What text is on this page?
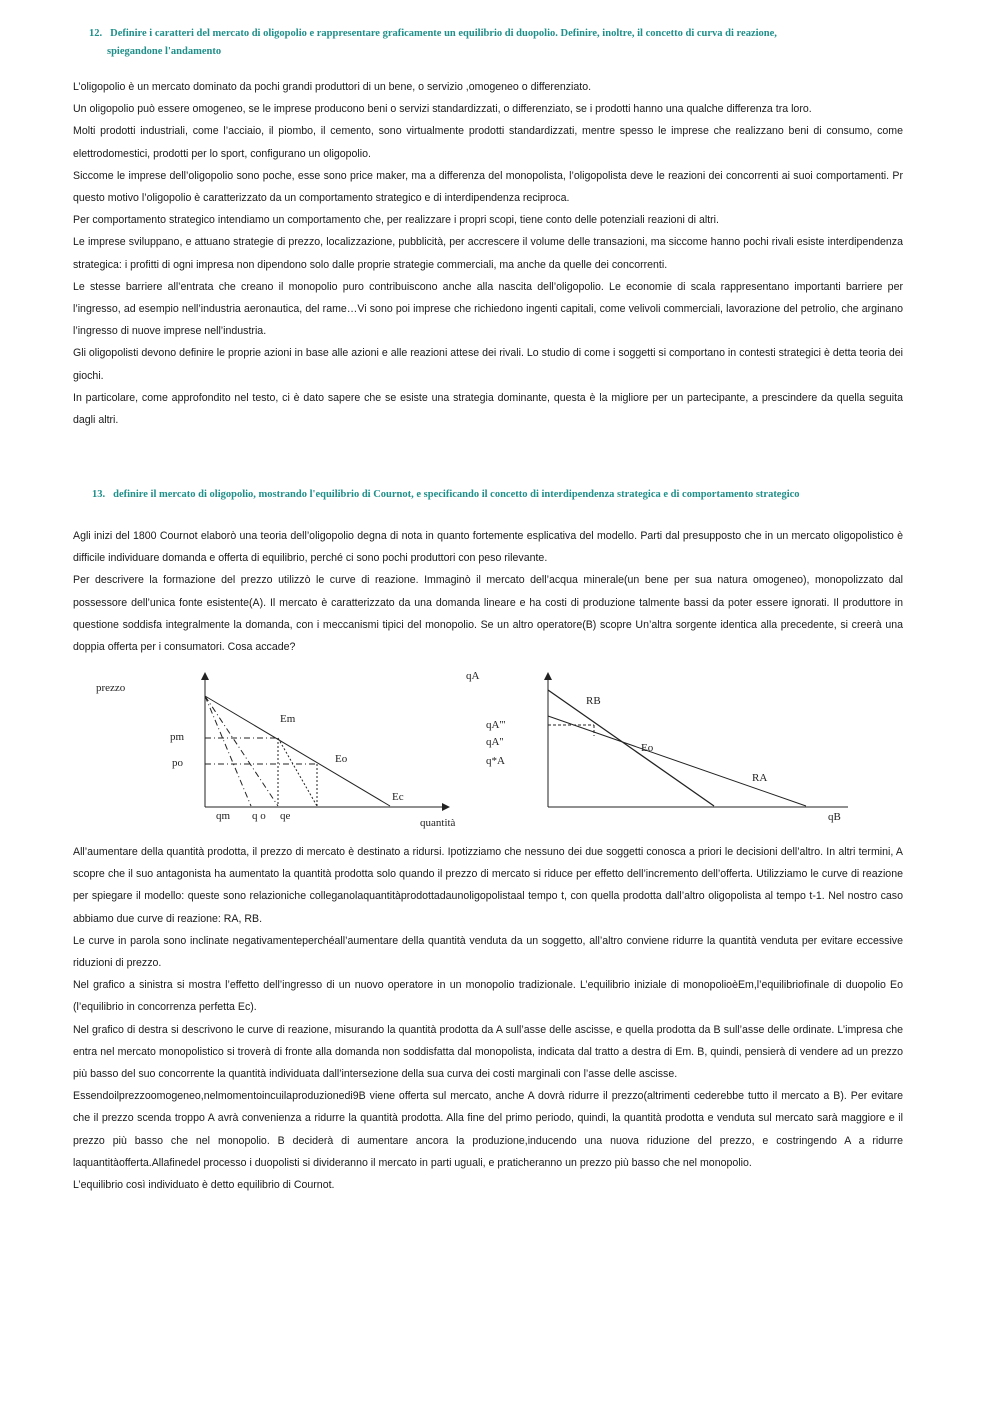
12. Definire i caratteri del mercato di oligopolio e rappresentare graficamente un equilibrio di duopolio. Definire, inoltre, il concetto di curva di reazione,
spiegandone l'andamento

L’oligopolio è un mercato dominato da pochi grandi produttori di un bene, o servizio ,omogeneo o differenziato.

Un oligopolio può essere omogeneo, se le imprese producono beni o servizi standardizzati, o differenziato, se i prodotti hanno una qualche differenza tra loro.

Molti prodotti industriali, come l’acciaio, il piombo, il cemento, sono virtualmente prodotti standardizzati, mentre spesso le imprese che realizzano beni di consumo, come elettrodomestici, prodotti per lo sport, configurano un oligopolio.

Siccome le imprese dell’oligopolio sono poche, esse sono price maker, ma a differenza del monopolista, l’oligopolista deve le reazioni dei concorrenti ai suoi comportamenti. Pr questo motivo l’oligopolio è caratterizzato da un comportamento strategico e di interdipendenza reciproca.

Per comportamento strategico intendiamo un comportamento che, per realizzare i propri scopi, tiene conto delle potenziali reazioni di altri.

Le imprese sviluppano, e attuano strategie di prezzo, localizzazione, pubblicità, per accrescere il volume delle transazioni, ma siccome hanno pochi rivali esiste interdipendenza strategica: i profitti di ogni impresa non dipendono solo dalle proprie strategie commerciali, ma anche da quelle dei concorrenti.

Le stesse barriere all’entrata che creano il monopolio puro contribuiscono anche alla nascita dell’oligopolio. Le economie di scala rappresentano importanti barriere per l’ingresso, ad esempio nell’industria aeronautica, del rame…Vi sono poi imprese che richiedono ingenti capitali, come velivoli commerciali, lavorazione del petrolio, che arginano l’ingresso di nuove imprese nell’industria.

Gli oligopolisti devono definire le proprie azioni in base alle azioni e alle reazioni attese dei rivali. Lo studio di come i soggetti si comportano in contesti strategici è detta teoria dei giochi.

In particolare, come approfondito nel testo, ci è dato sapere che se esiste una strategia dominante, questa è la migliore per un partecipante, a prescindere da quella seguita dagli altri.

13. definire il mercato di oligopolio, mostrando l'equilibrio di Cournot, e specificando il concetto di interdipendenza strategica e di comportamento strategico

Agli inizi del 1800 Cournot elaborò una teoria dell’oligopolio degna di nota in quanto fortemente esplicativa del modello. Parti dal presupposto che in un mercato oligopolistico è difficile individuare domanda e offerta di equilibrio, perché ci sono pochi produttori con peso rilevante.

Per descrivere la formazione del prezzo utilizzò le curve di reazione. Immaginò il mercato dell’acqua minerale(un bene per sua natura omogeneo), monopolizzato dal possessore dell’unica fonte esistente(A). Il mercato è caratterizzato da una domanda lineare e ha costi di produzione talmente bassi da poter essere ignorati. Il produttore in questione soddisfa integralmente la domanda, con i meccanismi tipici del monopolio. Se un altro operatore(B) scopre Un’altra sorgente identica alla precedente, si creerà una doppia offerta per i consumatori. Cosa accade?

prezzo
quantità
pm
po
Em
Eo
Ec
qm q o qe
qA
qB
RB
RA
Eo
qA'''
qA''
q*A

All’aumentare della quantità prodotta, il prezzo di mercato è destinato a ridursi. Ipotizziamo che nessuno dei due soggetti conosca a priori le decisioni dell’altro. In altri termini, A scopre che il suo antagonista ha aumentato la quantità prodotta solo quando il prezzo di mercato si riduce per effetto dell’incremento dell’offerta. Utilizziamo le curve di reazione per spiegare il modello: queste sono relazioniche colleganolaquantitàprodottadaunoligopolistaal tempo t, con quella prodotta dall’altro oligopolista al tempo t-1. Nel nostro caso abbiamo due curve di reazione: RA, RB.

Le curve in parola sono inclinate negativamenteperchéall’aumentare della quantità venduta da un soggetto, all’altro conviene ridurre la quantità venduta per evitare eccessive riduzioni di prezzo.

Nel grafico a sinistra si mostra l’effetto dell’ingresso di un nuovo operatore in un monopolio tradizionale. L’equilibrio iniziale di monopolioèEm,l’equilibriofinale di duopolio Eo (l’equilibrio in concorrenza perfetta Ec).

Nel grafico di destra si descrivono le curve di reazione, misurando la quantità prodotta da A sull’asse delle ascisse, e quella prodotta da B sull’asse delle ordinate. L’impresa che entra nel mercato monopolistico si troverà di fronte alla domanda non soddisfatta dal monopolista, indicata dal tratto a destra di Em. B, quindi, pensierà di vendere ad un prezzo più basso del suo concorrente la quantità individuata dall’intersezione della sua curva dei costi marginali con l’asse delle ascisse.

Essendoilprezzoomogeneo,nelmomentoincuilaproduzionedi9B viene offerta sul mercato, anche A dovrà ridurre il prezzo(altrimenti cederebbe tutto il mercato a B). Per evitare che il prezzo scenda troppo A avrà convenienza a ridurre la quantità prodotta. Alla fine del primo periodo, quindi, la quantità prodotta e venduta sul mercato sarà maggiore e il prezzo più basso che nel monopolio. B deciderà di aumentare ancora la produzione,inducendo una nuova riduzione del prezzo, e costringendo A a ridurre laquantitàofferta.Allafinedel processo i duopolisti si divideranno il mercato in parti uguali, e praticheranno un prezzo più basso che nel monopolio.

L’equilibrio così individuato è detto equilibrio di Cournot.
